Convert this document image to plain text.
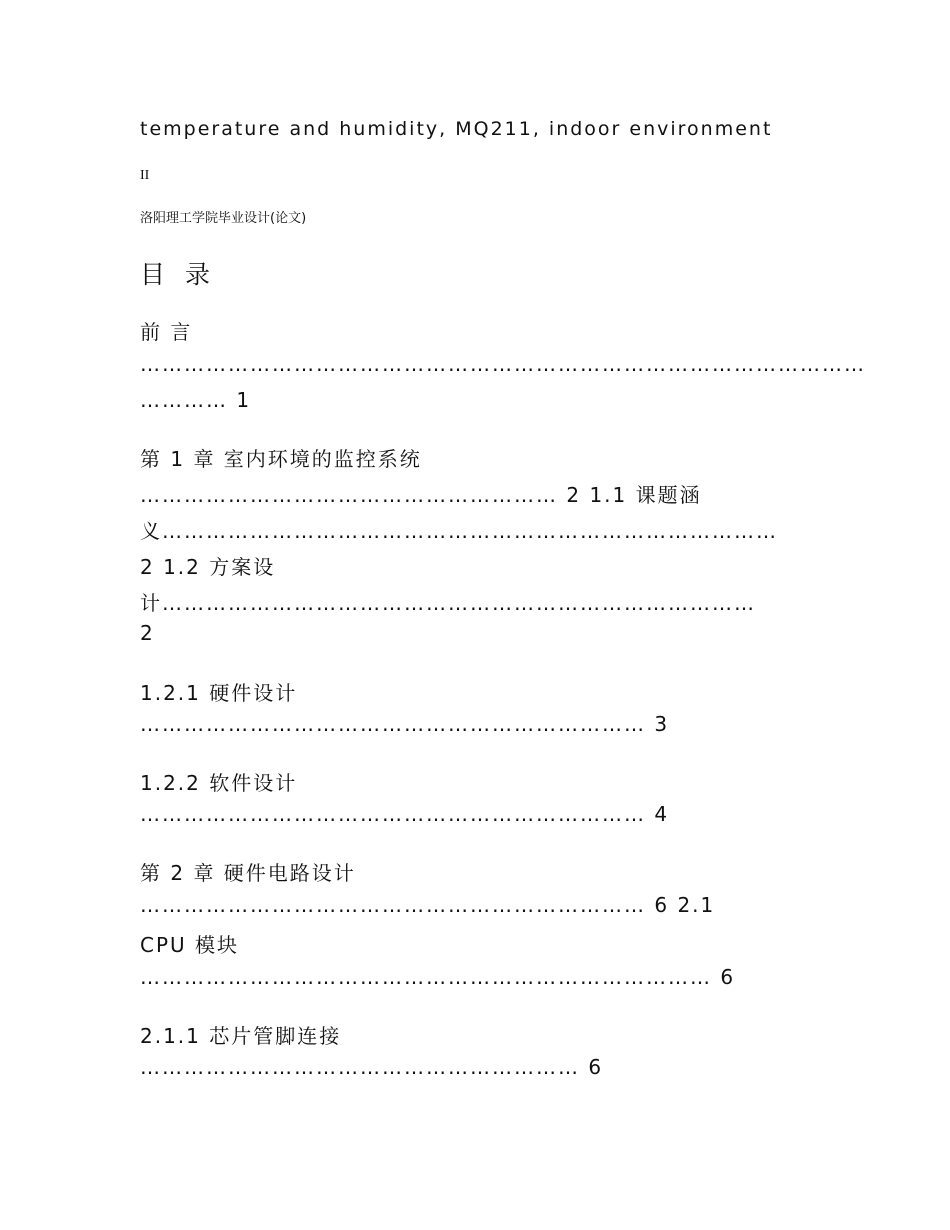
temperature and humidity, MQ211, indoor environment
II
洛阳理工学院毕业设计(论文)
目 录
前 言
………………………………………………………………………………………
………… 1
第 1 章 室内环境的监控系统
………………………………………………… 2 1.1 课题涵
义…………………………………………………………………………
2 1.2 方案设
计………………………………………………………………………
2
1.2.1 硬件设计
…………………………………………………………… 3
1.2.2 软件设计
…………………………………………………………… 4
第 2 章 硬件电路设计
…………………………………………………………… 6 2.1
CPU 模块
…………………………………………………………………… 6
2.1.1 芯片管脚连接
…………………………………………………… 6
